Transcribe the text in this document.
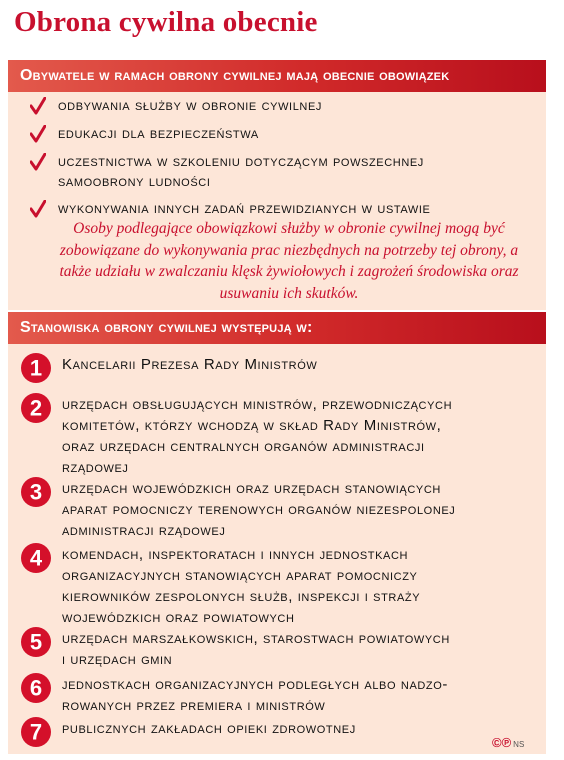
Obrona cywilna obecnie
Obywatele w ramach obrony cywilnej mają obecnie obowiązek
odbywania służby w obronie cywilnej
edukacji dla bezpieczeństwa
uczestnictwa w szkoleniu dotyczącym powszechnej
samoobrony ludności
wykonywania innych zadań przewidzianych w ustawie
Osoby podlegające obowiązkowi służby w obronie cywilnej mogą być zobowiązane do wykonywania prac niezbędnych na potrzeby tej obrony, a także udziału w zwalczaniu klęsk żywiołowych i zagrożeń środowiska oraz usuwaniu ich skutków.
Stanowiska obrony cywilnej występują w:
1 Kancelarii Prezesa Rady Ministrów
2 urzędach obsługujących ministrów, przewodniczących
komitetów, którzy wchodzą w skład Rady Ministrów,
oraz urzędach centralnych organów administracji
rządowej
3 urzędach wojewódzkich oraz urzędach stanowiących
aparat pomocniczy terenowych organów niezespolonej
administracji rządowej
4 komendach, inspektoratach i innych jednostkach
organizacyjnych stanowiących aparat pomocniczy
kierowników zespolonych służb, inspekcji i straży
wojewódzkich oraz powiatowych
5 urzędach marszałkowskich, starostwach powiatowych
i urzędach gmin
6 jednostkach organizacyjnych podległych albo nadzo-
rowanych przez premiera i ministrów
7 publicznych zakładach opieki zdrowotnej
©℗ NS
